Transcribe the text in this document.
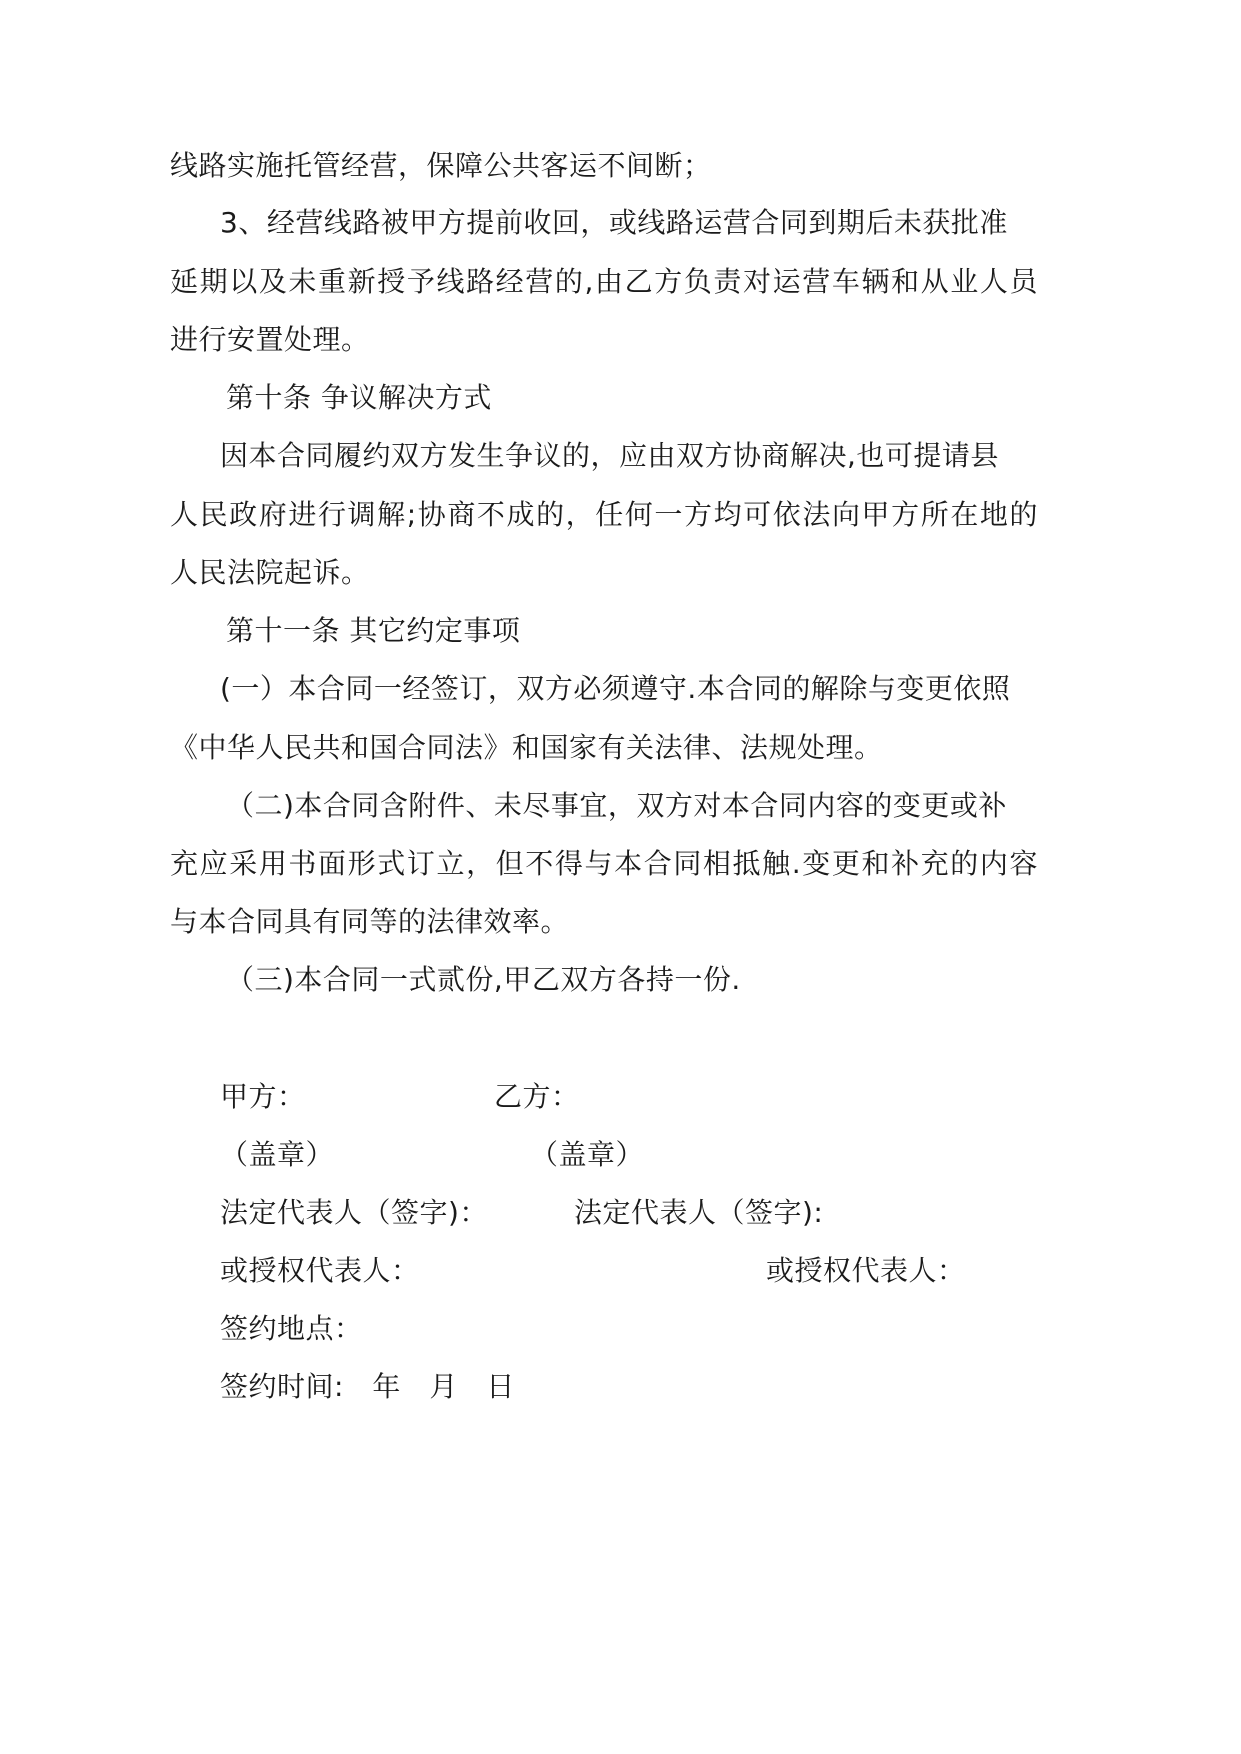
线路实施托管经营，保障公共客运不间断；
3、经营线路被甲方提前收回，或线路运营合同到期后未获批准
延期以及未重新授予线路经营的,由乙方负责对运营车辆和从业人员
进行安置处理。
第十条 争议解决方式
因本合同履约双方发生争议的，应由双方协商解决,也可提请县
人民政府进行调解;协商不成的，任何一方均可依法向甲方所在地的
人民法院起诉。
第十一条 其它约定事项
(一）本合同一经签订，双方必须遵守.本合同的解除与变更依照
《中华人民共和国合同法》和国家有关法律、法规处理。
（二)本合同含附件、未尽事宜，双方对本合同内容的变更或补
充应采用书面形式订立，但不得与本合同相抵触.变更和补充的内容
与本合同具有同等的法律效率。
（三)本合同一式贰份,甲乙双方各持一份.
甲方：	乙方：
（盖章）	（盖章）
法定代表人（签字)：	法定代表人（签字):
或授权代表人：	或授权代表人：
签约地点：
签约时间:　年　月　日
